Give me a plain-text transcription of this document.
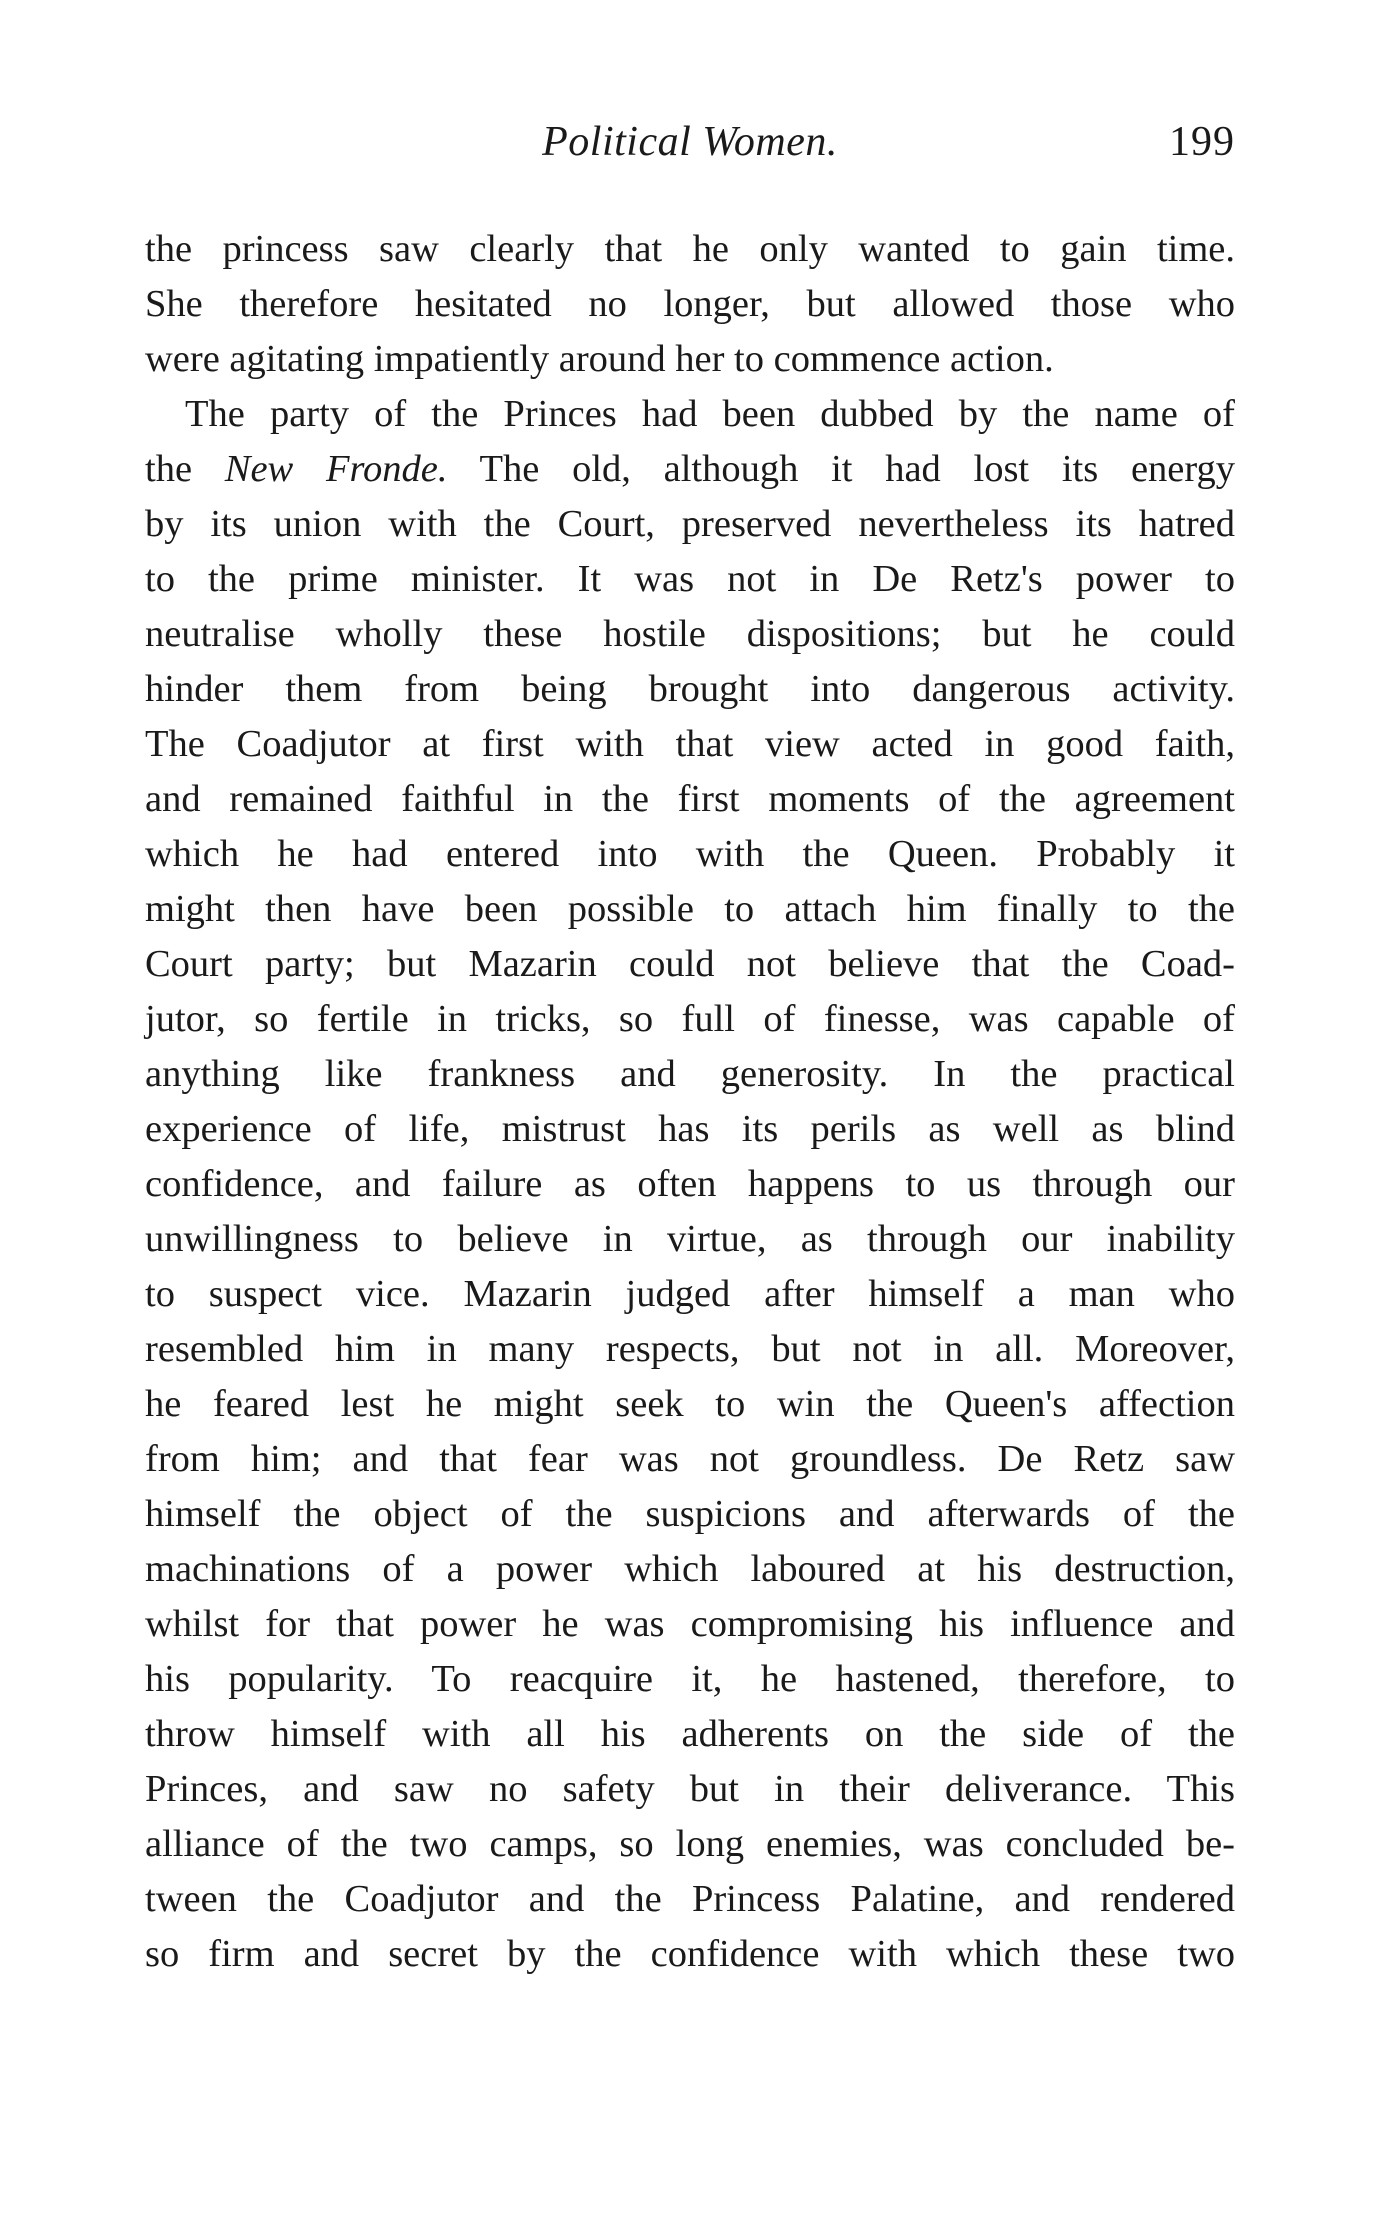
Political Women.	199
the princess saw clearly that he only wanted to gain time.
She therefore hesitated no longer, but allowed those who
were agitating impatiently around her to commence action.
The party of the Princes had been dubbed by the name of
the New Fronde. The old, although it had lost its energy
by its union with the Court, preserved nevertheless its hatred
to the prime minister. It was not in De Retz's power to
neutralise wholly these hostile dispositions; but he could
hinder them from being brought into dangerous activity.
The Coadjutor at first with that view acted in good faith,
and remained faithful in the first moments of the agreement
which he had entered into with the Queen. Probably it
might then have been possible to attach him finally to the
Court party; but Mazarin could not believe that the Coad-
jutor, so fertile in tricks, so full of finesse, was capable of
anything like frankness and generosity. In the practical
experience of life, mistrust has its perils as well as blind
confidence, and failure as often happens to us through our
unwillingness to believe in virtue, as through our inability
to suspect vice. Mazarin judged after himself a man who
resembled him in many respects, but not in all. Moreover,
he feared lest he might seek to win the Queen's affection
from him; and that fear was not groundless. De Retz saw
himself the object of the suspicions and afterwards of the
machinations of a power which laboured at his destruction,
whilst for that power he was compromising his influence and
his popularity. To reacquire it, he hastened, therefore, to
throw himself with all his adherents on the side of the
Princes, and saw no safety but in their deliverance. This
alliance of the two camps, so long enemies, was concluded be-
tween the Coadjutor and the Princess Palatine, and rendered
so firm and secret by the confidence with which these two
